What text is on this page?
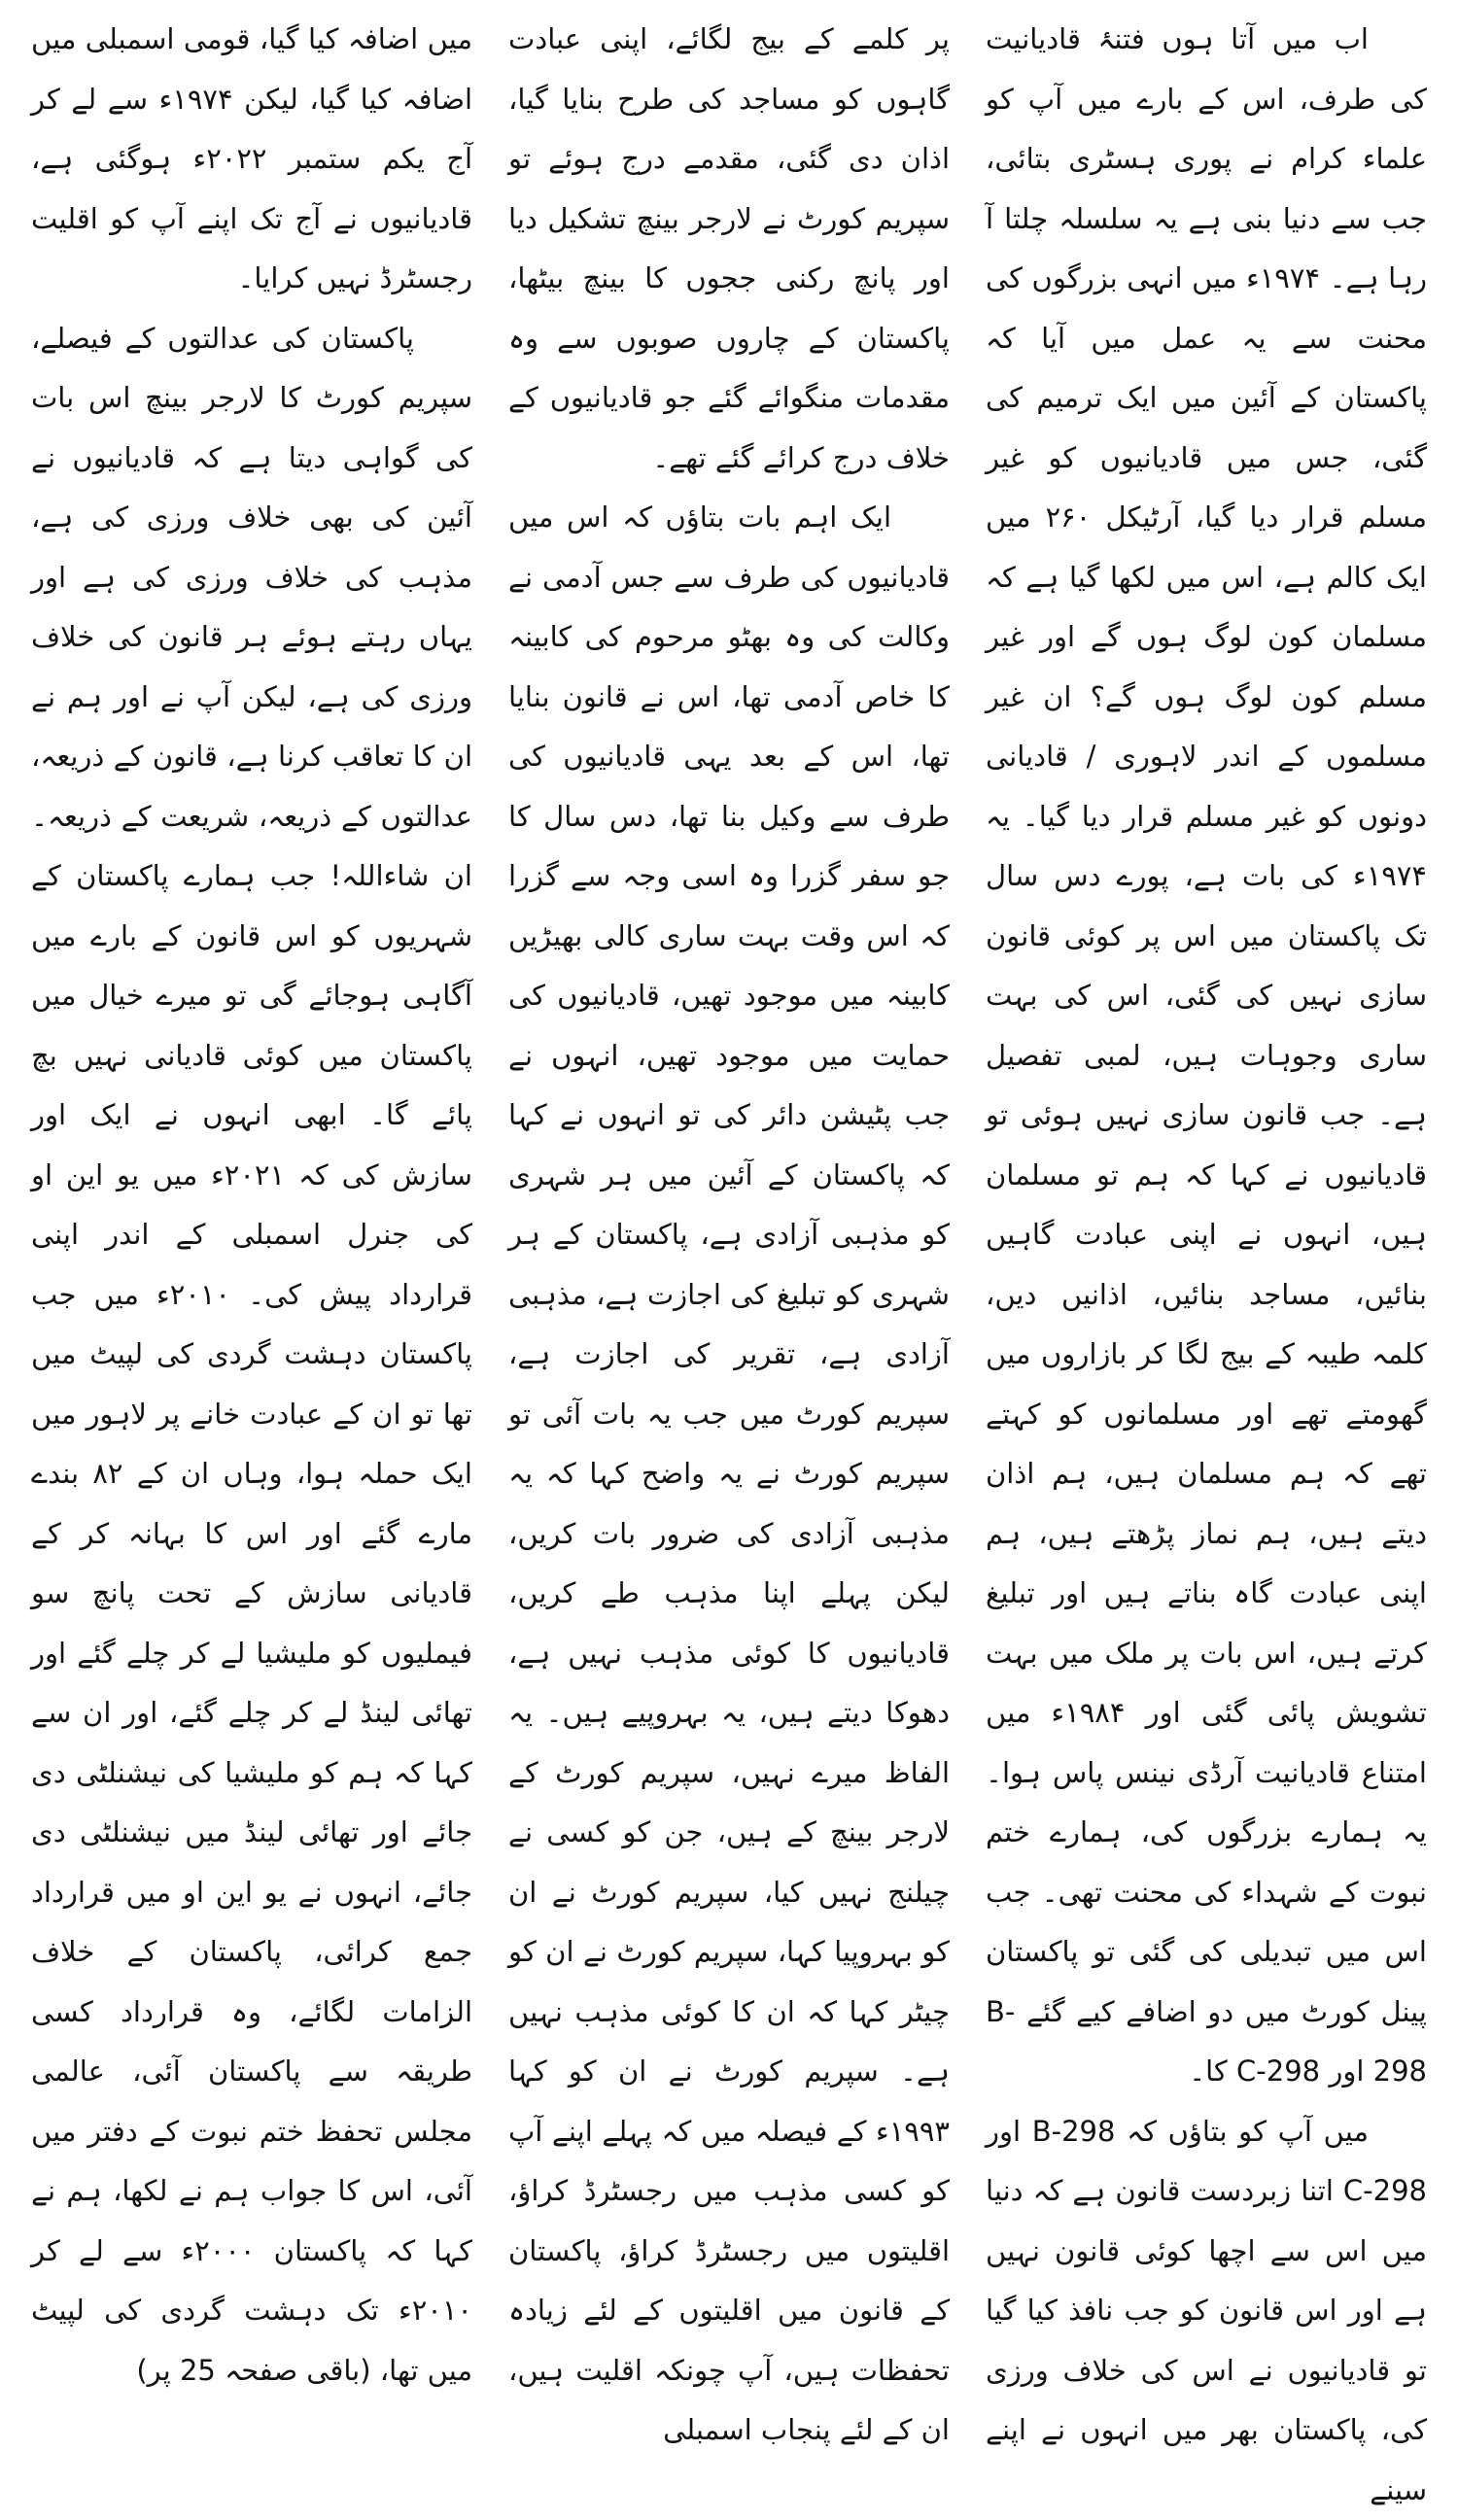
اب میں آتا ہوں فتنۂ قادیانیت کی طرف، اس کے بارے میں آپ کو علماء کرام نے پوری ہسٹری بتائی، جب سے دنیا بنی ہے یہ سلسلہ چلتا آ رہا ہے۔ ۱۹۷۴ء میں انہی بزرگوں کی محنت سے یہ عمل میں آیا کہ پاکستان کے آئین میں ایک ترمیم کی گئی، جس میں قادیانیوں کو غیر مسلم قرار دیا گیا، آرٹیکل ۲۶۰ میں ایک کالم ہے، اس میں لکھا گیا ہے کہ مسلمان کون لوگ ہوں گے اور غیر مسلم کون لوگ ہوں گے؟ ان غیر مسلموں کے اندر لاہوری / قادیانی دونوں کو غیر مسلم قرار دیا گیا۔ یہ ۱۹۷۴ء کی بات ہے، پورے دس سال تک پاکستان میں اس پر کوئی قانون سازی نہیں کی گئی، اس کی بہت ساری وجوہات ہیں، لمبی تفصیل ہے۔ جب قانون سازی نہیں ہوئی تو قادیانیوں نے کہا کہ ہم تو مسلمان ہیں، انہوں نے اپنی عبادت گاہیں بنائیں، مساجد بنائیں، اذانیں دیں، کلمہ طیبہ کے بیج لگا کر بازاروں میں گھومتے تھے اور مسلمانوں کو کہتے تھے کہ ہم مسلمان ہیں، ہم اذان دیتے ہیں، ہم نماز پڑھتے ہیں، ہم اپنی عبادت گاہ بناتے ہیں اور تبلیغ کرتے ہیں، اس بات پر ملک میں بہت تشویش پائی گئی اور ۱۹۸۴ء میں امتناع قادیانیت آرڈی نینس پاس ہوا۔ یہ ہمارے بزرگوں کی، ہمارے ختم نبوت کے شہداء کی محنت تھی۔ جب اس میں تبدیلی کی گئی تو پاکستان پینل کورٹ میں دو اضافے کیے گئے B-298 اور C-298 کا۔

میں آپ کو بتاؤں کہ B-298 اور C-298 اتنا زبردست قانون ہے کہ دنیا میں اس سے اچھا کوئی قانون نہیں ہے اور اس قانون کو جب نافذ کیا گیا تو قادیانیوں نے اس کی خلاف ورزی کی، پاکستان بھر میں انہوں نے اپنے سینے

پر کلمے کے بیج لگائے، اپنی عبادت گاہوں کو مساجد کی طرح بنایا گیا، اذان دی گئی، مقدمے درج ہوئے تو سپریم کورٹ نے لارجر بینچ تشکیل دیا اور پانچ رکنی ججوں کا بینچ بیٹھا، پاکستان کے چاروں صوبوں سے وہ مقدمات منگوائے گئے جو قادیانیوں کے خلاف درج کرائے گئے تھے۔

ایک اہم بات بتاؤں کہ اس میں قادیانیوں کی طرف سے جس آدمی نے وکالت کی وہ بھٹو مرحوم کی کابینہ کا خاص آدمی تھا، اس نے قانون بنایا تھا، اس کے بعد یہی قادیانیوں کی طرف سے وکیل بنا تھا، دس سال کا جو سفر گزرا وہ اسی وجہ سے گزرا کہ اس وقت بہت ساری کالی بھیڑیں کابینہ میں موجود تھیں، قادیانیوں کی حمایت میں موجود تھیں، انہوں نے جب پٹیشن دائر کی تو انہوں نے کہا کہ پاکستان کے آئین میں ہر شہری کو مذہبی آزادی ہے، پاکستان کے ہر شہری کو تبلیغ کی اجازت ہے، مذہبی آزادی ہے، تقریر کی اجازت ہے، سپریم کورٹ میں جب یہ بات آئی تو سپریم کورٹ نے یہ واضح کہا کہ یہ مذہبی آزادی کی ضرور بات کریں، لیکن پہلے اپنا مذہب طے کریں، قادیانیوں کا کوئی مذہب نہیں ہے، دھوکا دیتے ہیں، یہ بہروپیے ہیں۔ یہ الفاظ میرے نہیں، سپریم کورٹ کے لارجر بینچ کے ہیں، جن کو کسی نے چیلنج نہیں کیا، سپریم کورٹ نے ان کو بہروپیا کہا، سپریم کورٹ نے ان کو چیٹر کہا کہ ان کا کوئی مذہب نہیں ہے۔ سپریم کورٹ نے ان کو کہا ۱۹۹۳ء کے فیصلہ میں کہ پہلے اپنے آپ کو کسی مذہب میں رجسٹرڈ کراؤ، اقلیتوں میں رجسٹرڈ کراؤ، پاکستان کے قانون میں اقلیتوں کے لئے زیادہ تحفظات ہیں، آپ چونکہ اقلیت ہیں، ان کے لئے پنجاب اسمبلی

میں اضافہ کیا گیا، قومی اسمبلی میں اضافہ کیا گیا، لیکن ۱۹۷۴ء سے لے کر آج یکم ستمبر ۲۰۲۲ء ہوگئی ہے، قادیانیوں نے آج تک اپنے آپ کو اقلیت رجسٹرڈ نہیں کرایا۔

پاکستان کی عدالتوں کے فیصلے، سپریم کورٹ کا لارجر بینچ اس بات کی گواہی دیتا ہے کہ قادیانیوں نے آئین کی بھی خلاف ورزی کی ہے، مذہب کی خلاف ورزی کی ہے اور یہاں رہتے ہوئے ہر قانون کی خلاف ورزی کی ہے، لیکن آپ نے اور ہم نے ان کا تعاقب کرنا ہے، قانون کے ذریعہ، عدالتوں کے ذریعہ، شریعت کے ذریعہ۔ ان شاءاللہ! جب ہمارے پاکستان کے شہریوں کو اس قانون کے بارے میں آگاہی ہوجائے گی تو میرے خیال میں پاکستان میں کوئی قادیانی نہیں بچ پائے گا۔ ابھی انہوں نے ایک اور سازش کی کہ ۲۰۲۱ء میں یو این او کی جنرل اسمبلی کے اندر اپنی قرارداد پیش کی۔ ۲۰۱۰ء میں جب پاکستان دہشت گردی کی لپیٹ میں تھا تو ان کے عبادت خانے پر لاہور میں ایک حملہ ہوا، وہاں ان کے ۸۲ بندے مارے گئے اور اس کا بہانہ کر کے قادیانی سازش کے تحت پانچ سو فیملیوں کو ملیشیا لے کر چلے گئے اور تھائی لینڈ لے کر چلے گئے، اور ان سے کہا کہ ہم کو ملیشیا کی نیشنلٹی دی جائے اور تھائی لینڈ میں نیشنلٹی دی جائے، انہوں نے یو این او میں قرارداد جمع کرائی، پاکستان کے خلاف الزامات لگائے، وہ قرارداد کسی طریقہ سے پاکستان آئی، عالمی مجلس تحفظ ختم نبوت کے دفتر میں آئی، اس کا جواب ہم نے لکھا، ہم نے کہا کہ پاکستان ۲۰۰۰ء سے لے کر ۲۰۱۰ء تک دہشت گردی کی لپیٹ میں تھا، (باقی صفحہ 25 پر)
